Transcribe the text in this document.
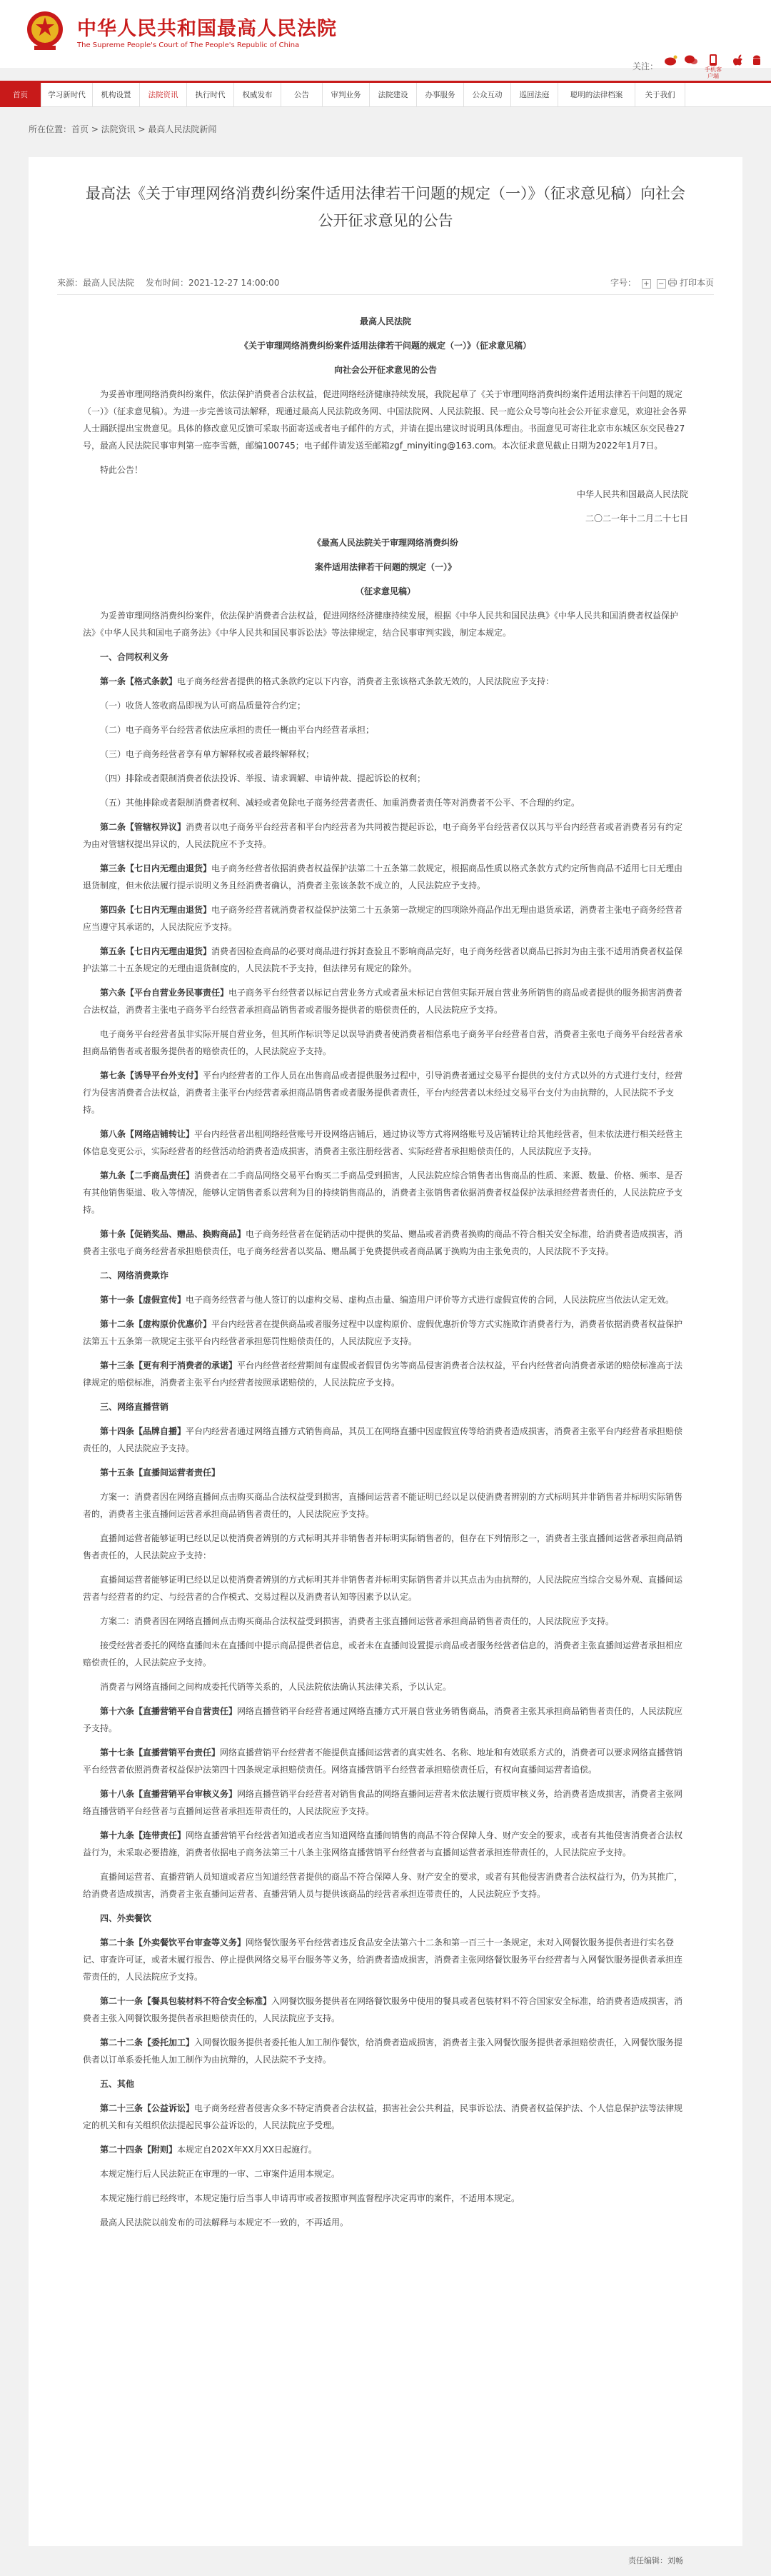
中华人民共和国最高人民法院
The Supreme People's Court of The People's Republic of China
关注：	手机客户端
首页	学习新时代	机构设置	法院资讯	执行时代	权威发布	公告	审判业务	法院建设	办事服务	公众互动	巡回法庭	聪明的法律档案	关于我们
所在位置：首页 > 法院资讯 > 最高人民法院新闻
最高法《关于审理网络消费纠纷案件适用法律若干问题的规定（一）》（征求意见稿）向社会公开征求意见的公告
来源：最高人民法院 发布时间：2021-12-27 14:00:00	字号： + −	打印本页

最高人民法院

《关于审理网络消费纠纷案件适用法律若干问题的规定（一）》（征求意见稿）

向社会公开征求意见的公告

为妥善审理网络消费纠纷案件，依法保护消费者合法权益，促进网络经济健康持续发展，我院起草了《关于审理网络消费纠纷案件适用法律若干问题的规定（一）》（征求意见稿）。为进一步完善该司法解释，现通过最高人民法院政务网、中国法院网、人民法院报、民一庭公众号等向社会公开征求意见，欢迎社会各界人士踊跃提出宝贵意见。具体的修改意见反馈可采取书面寄送或者电子邮件的方式，并请在提出建议时说明具体理由。书面意见可寄往北京市东城区东交民巷27号，最高人民法院民事审判第一庭李雪薇，邮编100745；电子邮件请发送至邮箱zgf_minyiting@163.com。本次征求意见截止日期为2022年1月7日。

特此公告！

中华人民共和国最高人民法院

二〇二一年十二月二十七日

《最高人民法院关于审理网络消费纠纷

案件适用法律若干问题的规定（一）》

（征求意见稿）

为妥善审理网络消费纠纷案件，依法保护消费者合法权益，促进网络经济健康持续发展，根据《中华人民共和国民法典》《中华人民共和国消费者权益保护法》《中华人民共和国电子商务法》《中华人民共和国民事诉讼法》等法律规定，结合民事审判实践，制定本规定。

一、合同权利义务

第一条【格式条款】电子商务经营者提供的格式条款约定以下内容，消费者主张该格式条款无效的，人民法院应予支持：

（一）收货人签收商品即视为认可商品质量符合约定；

（二）电子商务平台经营者依法应承担的责任一概由平台内经营者承担；

（三）电子商务经营者享有单方解释权或者最终解释权；

（四）排除或者限制消费者依法投诉、举报、请求调解、申请仲裁、提起诉讼的权利；

（五）其他排除或者限制消费者权利、减轻或者免除电子商务经营者责任、加重消费者责任等对消费者不公平、不合理的约定。

第二条【管辖权异议】消费者以电子商务平台经营者和平台内经营者为共同被告提起诉讼，电子商务平台经营者仅以其与平台内经营者或者消费者另有约定为由对管辖权提出异议的，人民法院应不予支持。

第三条【七日内无理由退货】电子商务经营者依据消费者权益保护法第二十五条第二款规定，根据商品性质以格式条款方式约定所售商品不适用七日无理由退货制度，但未依法履行提示说明义务且经消费者确认，消费者主张该条款不成立的，人民法院应予支持。

第四条【七日内无理由退货】电子商务经营者就消费者权益保护法第二十五条第一款规定的四项除外商品作出无理由退货承诺，消费者主张电子商务经营者应当遵守其承诺的，人民法院应予支持。

第五条【七日内无理由退货】消费者因检查商品的必要对商品进行拆封查验且不影响商品完好，电子商务经营者以商品已拆封为由主张不适用消费者权益保护法第二十五条规定的无理由退货制度的，人民法院不予支持，但法律另有规定的除外。

第六条【平台自营业务民事责任】电子商务平台经营者以标记自营业务方式或者虽未标记自营但实际开展自营业务所销售的商品或者提供的服务损害消费者合法权益，消费者主张电子商务平台经营者承担商品销售者或者服务提供者的赔偿责任的，人民法院应予支持。

电子商务平台经营者虽非实际开展自营业务，但其所作标识等足以误导消费者使消费者相信系电子商务平台经营者自营，消费者主张电子商务平台经营者承担商品销售者或者服务提供者的赔偿责任的，人民法院应予支持。

第七条【诱导平台外支付】平台内经营者的工作人员在出售商品或者提供服务过程中，引导消费者通过交易平台提供的支付方式以外的方式进行支付，经营行为侵害消费者合法权益，消费者主张平台内经营者承担商品销售者或者服务提供者责任，平台内经营者以未经过交易平台支付为由抗辩的，人民法院不予支持。

第八条【网络店铺转让】平台内经营者出租网络经营账号开设网络店铺后，通过协议等方式将网络账号及店铺转让给其他经营者，但未依法进行相关经营主体信息变更公示，实际经营者的经营活动给消费者造成损害，消费者主张注册经营者、实际经营者承担赔偿责任的，人民法院应予支持。

第九条【二手商品责任】消费者在二手商品网络交易平台购买二手商品受到损害，人民法院应综合销售者出售商品的性质、来源、数量、价格、频率、是否有其他销售渠道、收入等情况，能够认定销售者系以营利为目的持续销售商品的，消费者主张销售者依据消费者权益保护法承担经营者责任的，人民法院应予支持。

第十条【促销奖品、赠品、换购商品】电子商务经营者在促销活动中提供的奖品、赠品或者消费者换购的商品不符合相关安全标准，给消费者造成损害，消费者主张电子商务经营者承担赔偿责任，电子商务经营者以奖品、赠品属于免费提供或者商品属于换购为由主张免责的，人民法院不予支持。

二、网络消费欺诈

第十一条【虚假宣传】电子商务经营者与他人签订的以虚构交易、虚构点击量、编造用户评价等方式进行虚假宣传的合同，人民法院应当依法认定无效。

第十二条【虚构原价优惠价】平台内经营者在提供商品或者服务过程中以虚构原价、虚假优惠折价等方式实施欺诈消费者行为，消费者依据消费者权益保护法第五十五条第一款规定主张平台内经营者承担惩罚性赔偿责任的，人民法院应予支持。

第十三条【更有利于消费者的承诺】平台内经营者经营期间有虚假或者假冒伪劣等商品侵害消费者合法权益，平台内经营者向消费者承诺的赔偿标准高于法律规定的赔偿标准，消费者主张平台内经营者按照承诺赔偿的，人民法院应予支持。

三、网络直播营销

第十四条【品牌自播】平台内经营者通过网络直播方式销售商品，其员工在网络直播中因虚假宣传等给消费者造成损害，消费者主张平台内经营者承担赔偿责任的，人民法院应予支持。

第十五条【直播间运营者责任】

方案一：消费者因在网络直播间点击购买商品合法权益受到损害，直播间运营者不能证明已经以足以使消费者辨别的方式标明其并非销售者并标明实际销售者的，消费者主张直播间运营者承担商品销售者责任的，人民法院应予支持。

直播间运营者能够证明已经以足以使消费者辨别的方式标明其并非销售者并标明实际销售者的，但存在下列情形之一，消费者主张直播间运营者承担商品销售者责任的，人民法院应予支持：

直播间运营者能够证明已经以足以使消费者辨别的方式标明其并非销售者并标明实际销售者并以其点击为由抗辩的，人民法院应当综合交易外观、直播间运营者与经营者的约定、与经营者的合作模式、交易过程以及消费者认知等因素予以认定。

方案二：消费者因在网络直播间点击购买商品合法权益受到损害，消费者主张直播间运营者承担商品销售者责任的，人民法院应予支持。

接受经营者委托的网络直播间未在直播间中提示商品提供者信息，或者未在直播间设置提示商品或者服务经营者信息的，消费者主张直播间运营者承担相应赔偿责任的，人民法院应予支持。

消费者与网络直播间之间构成委托代销等关系的，人民法院依法确认其法律关系，予以认定。

第十六条【直播营销平台自营责任】网络直播营销平台经营者通过网络直播方式开展自营业务销售商品，消费者主张其承担商品销售者责任的，人民法院应予支持。

第十七条【直播营销平台责任】网络直播营销平台经营者不能提供直播间运营者的真实姓名、名称、地址和有效联系方式的，消费者可以要求网络直播营销平台经营者依照消费者权益保护法第四十四条规定承担赔偿责任。网络直播营销平台经营者承担赔偿责任后，有权向直播间运营者追偿。

第十八条【直播营销平台审核义务】网络直播营销平台经营者对销售食品的网络直播间运营者未依法履行资质审核义务，给消费者造成损害，消费者主张网络直播营销平台经营者与直播间运营者承担连带责任的，人民法院应予支持。

第十九条【连带责任】网络直播营销平台经营者知道或者应当知道网络直播间销售的商品不符合保障人身、财产安全的要求，或者有其他侵害消费者合法权益行为，未采取必要措施，消费者依据电子商务法第三十八条主张网络直播营销平台经营者与直播间运营者承担连带责任的，人民法院应予支持。

直播间运营者、直播营销人员知道或者应当知道经营者提供的商品不符合保障人身、财产安全的要求，或者有其他侵害消费者合法权益行为，仍为其推广，给消费者造成损害，消费者主张直播间运营者、直播营销人员与提供该商品的经营者承担连带责任的，人民法院应予支持。

四、外卖餐饮

第二十条【外卖餐饮平台审查等义务】网络餐饮服务平台经营者违反食品安全法第六十二条和第一百三十一条规定，未对入网餐饮服务提供者进行实名登记、审查许可证，或者未履行报告、停止提供网络交易平台服务等义务，给消费者造成损害，消费者主张网络餐饮服务平台经营者与入网餐饮服务提供者承担连带责任的，人民法院应予支持。

第二十一条【餐具包装材料不符合安全标准】入网餐饮服务提供者在网络餐饮服务中使用的餐具或者包装材料不符合国家安全标准，给消费者造成损害，消费者主张入网餐饮服务提供者承担赔偿责任的，人民法院应予支持。

第二十二条【委托加工】入网餐饮服务提供者委托他人加工制作餐饮，给消费者造成损害，消费者主张入网餐饮服务提供者承担赔偿责任，入网餐饮服务提供者以订单系委托他人加工制作为由抗辩的，人民法院不予支持。

五、其他

第二十三条【公益诉讼】电子商务经营者侵害众多不特定消费者合法权益，损害社会公共利益，民事诉讼法、消费者权益保护法、个人信息保护法等法律规定的机关和有关组织依法提起民事公益诉讼的，人民法院应予受理。

第二十四条【附则】本规定自202X年XX月XX日起施行。

本规定施行后人民法院正在审理的一审、二审案件适用本规定。

本规定施行前已经终审，本规定施行后当事人申请再审或者按照审判监督程序决定再审的案件，不适用本规定。

最高人民法院以前发布的司法解释与本规定不一致的，不再适用。

责任编辑：刘畅
